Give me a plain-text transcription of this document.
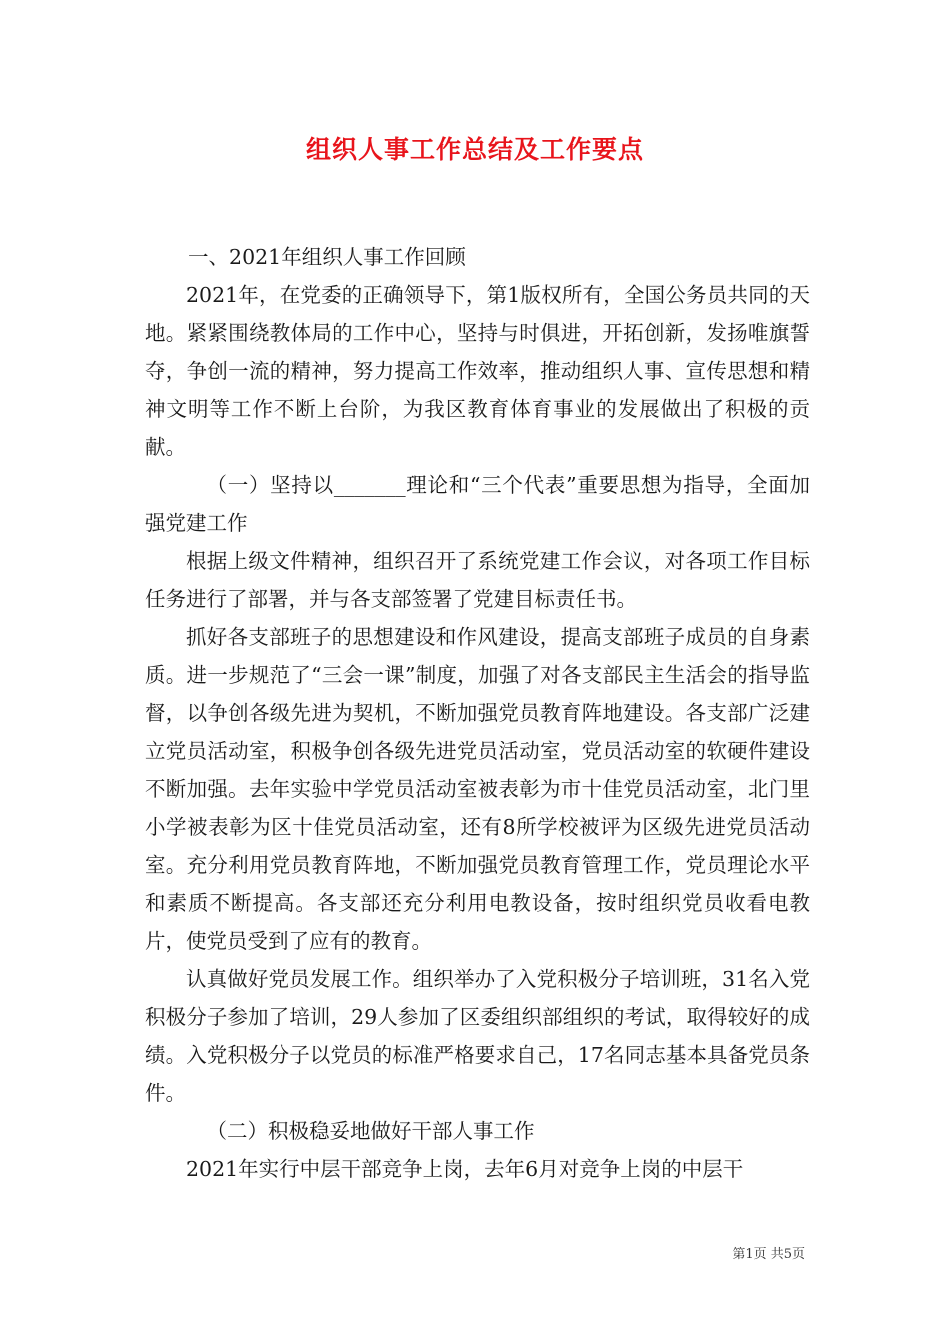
组织人事工作总结及工作要点

一、2021年组织人事工作回顾

2021年，在党委的正确领导下，第1版权所有，全国公务员共同的天地。紧紧围绕教体局的工作中心，坚持与时俱进，开拓创新，发扬唯旗誓夺，争创一流的精神，努力提高工作效率，推动组织人事、宣传思想和精神文明等工作不断上台阶，为我区教育体育事业的发展做出了积极的贡献。

（一）坚持以_______理论和“三个代表”重要思想为指导，全面加强党建工作

根据上级文件精神，组织召开了系统党建工作会议，对各项工作目标任务进行了部署，并与各支部签署了党建目标责任书。

抓好各支部班子的思想建设和作风建设，提高支部班子成员的自身素质。进一步规范了“三会一课”制度，加强了对各支部民主生活会的指导监督，以争创各级先进为契机，不断加强党员教育阵地建设。各支部广泛建立党员活动室，积极争创各级先进党员活动室，党员活动室的软硬件建设不断加强。去年实验中学党员活动室被表彰为市十佳党员活动室，北门里小学被表彰为区十佳党员活动室，还有8所学校被评为区级先进党员活动室。充分利用党员教育阵地，不断加强党员教育管理工作，党员理论水平和素质不断提高。各支部还充分利用电教设备，按时组织党员收看电教片，使党员受到了应有的教育。

认真做好党员发展工作。组织举办了入党积极分子培训班，31名入党积极分子参加了培训，29人参加了区委组织部组织的考试，取得较好的成绩。入党积极分子以党员的标准严格要求自己，17名同志基本具备党员条件。

（二）积极稳妥地做好干部人事工作

2021年实行中层干部竞争上岗，去年6月对竞争上岗的中层干

第1页 共5页
